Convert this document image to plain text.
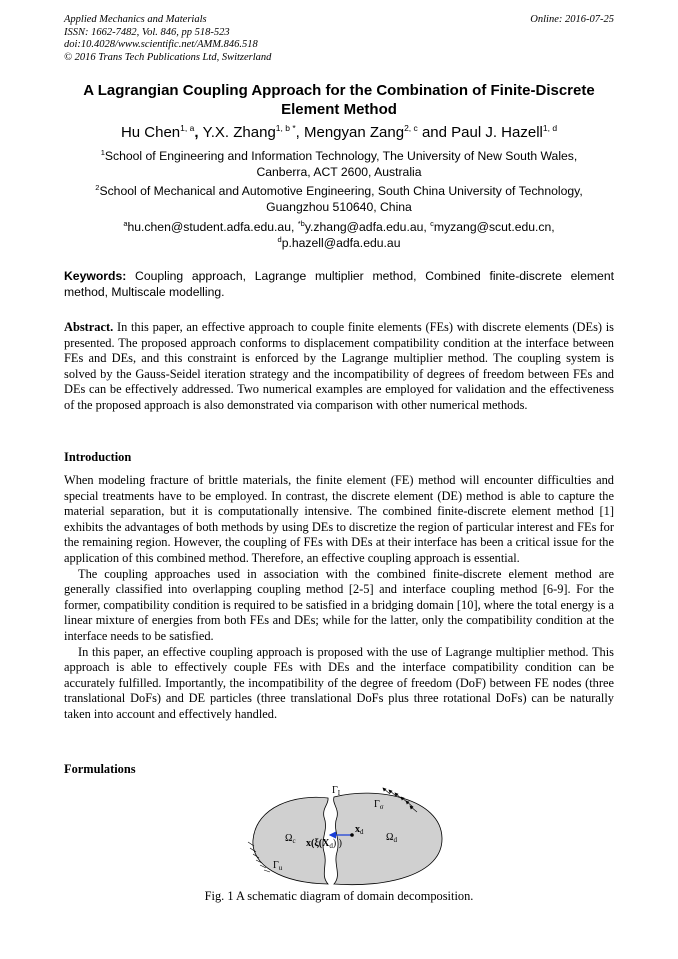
Applied Mechanics and Materials
ISSN: 1662-7482, Vol. 846, pp 518-523
doi:10.4028/www.scientific.net/AMM.846.518
© 2016 Trans Tech Publications Ltd, Switzerland
Online: 2016-07-25
A Lagrangian Coupling Approach for the Combination of Finite-Discrete Element Method
Hu Chen$^{1, a}$, Y.X. Zhang$^{1, b *}$, Mengyan Zang$^{2, c}$ and Paul J. Hazell$^{1, d}$
$^1$School of Engineering and Information Technology, The University of New South Wales,
Canberra, ACT 2600, Australia
$^2$School of Mechanical and Automotive Engineering, South China University of Technology,
Guangzhou 510640, China
$^a$hu.chen@student.adfa.edu.au, $^{*b}$y.zhang@adfa.edu.au, $^c$myzang@scut.edu.cn,
$^d$p.hazell@adfa.edu.au
Keywords: Coupling approach, Lagrange multiplier method, Combined finite-discrete element method, Multiscale modelling.
Abstract. In this paper, an effective approach to couple finite elements (FEs) with discrete elements (DEs) is presented. The proposed approach conforms to displacement compatibility condition at the interface between FEs and DEs, and this constraint is enforced by the Lagrange multiplier method. The coupling system is solved by the Gauss-Seidel iteration strategy and the incompatibility of degrees of freedom between FEs and DEs can be effectively addressed. Two numerical examples are employed for validation and the effectiveness of the proposed approach is also demonstrated via comparison with other numerical methods.
Introduction

When modeling fracture of brittle materials, the finite element (FE) method will encounter difficulties and special treatments have to be employed. In contrast, the discrete element (DE) method is able to capture the material separation, but it is computationally intensive. The combined finite-discrete element method [1] exhibits the advantages of both methods by using DEs to discretize the region of particular interest and FEs for the remaining region. However, the coupling of FEs with DEs at their interface has been a critical issue for the application of this combined method. Therefore, an effective coupling approach is essential.

The coupling approaches used in association with the combined finite-discrete element method are generally classified into overlapping coupling method [2-5] and interface coupling method [6-9]. For the former, compatibility condition is required to be satisfied in a bridging domain [10], where the total energy is a linear mixture of energies from both FEs and DEs; while for the latter, only the compatibility condition at the interface needs to be satisfied.

In this paper, an effective coupling approach is proposed with the use of Lagrange multiplier method. This approach is able to effectively couple FEs with DEs and the interface compatibility condition can be accurately fulfilled. Importantly, the incompatibility of the degree of freedom (DoF) between FE nodes (three translational DoFs) and DE particles (three translational DoFs plus three rotational DoFs) can be naturally taken into account and effectively handled.

Formulations
$\Gamma_I$
$\Gamma_\sigma$
$\Gamma_u$
$\Omega_c$	$\Omega_d$
$x_d$
$x(\xi(X_d)$ )
Fig. 1 A schematic diagram of domain decomposition.
